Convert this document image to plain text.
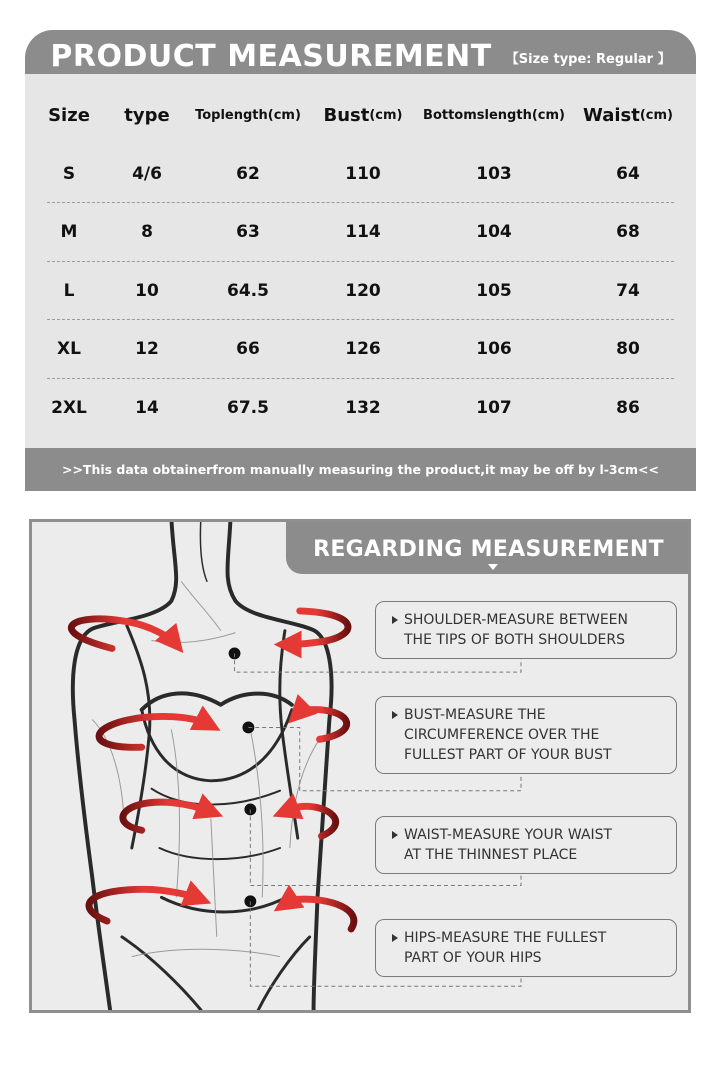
PRODUCT MEASUREMENT 【Size type: Regular 】
Size	type	Toplength(cm)	Bust (cm)	Bottomslength(cm)	Waist (cm)
S	4/6	62	110	103	64
M	8	63	114	104	68
L	10	64.5	120	105	74
XL	12	66	126	106	80
2XL	14	67.5	132	107	86
>>This data obtainerfrom manually measuring the product,it may be off by l-3cm<<
REGARDING MEASUREMENT
SHOULDER-MEASURE BETWEEN
THE TIPS OF BOTH SHOULDERS
BUST-MEASURE THE
CIRCUMFERENCE OVER THE
FULLEST PART OF YOUR BUST
WAIST-MEASURE YOUR WAIST
AT THE THINNEST PLACE
HIPS-MEASURE THE FULLEST
PART OF YOUR HIPS
